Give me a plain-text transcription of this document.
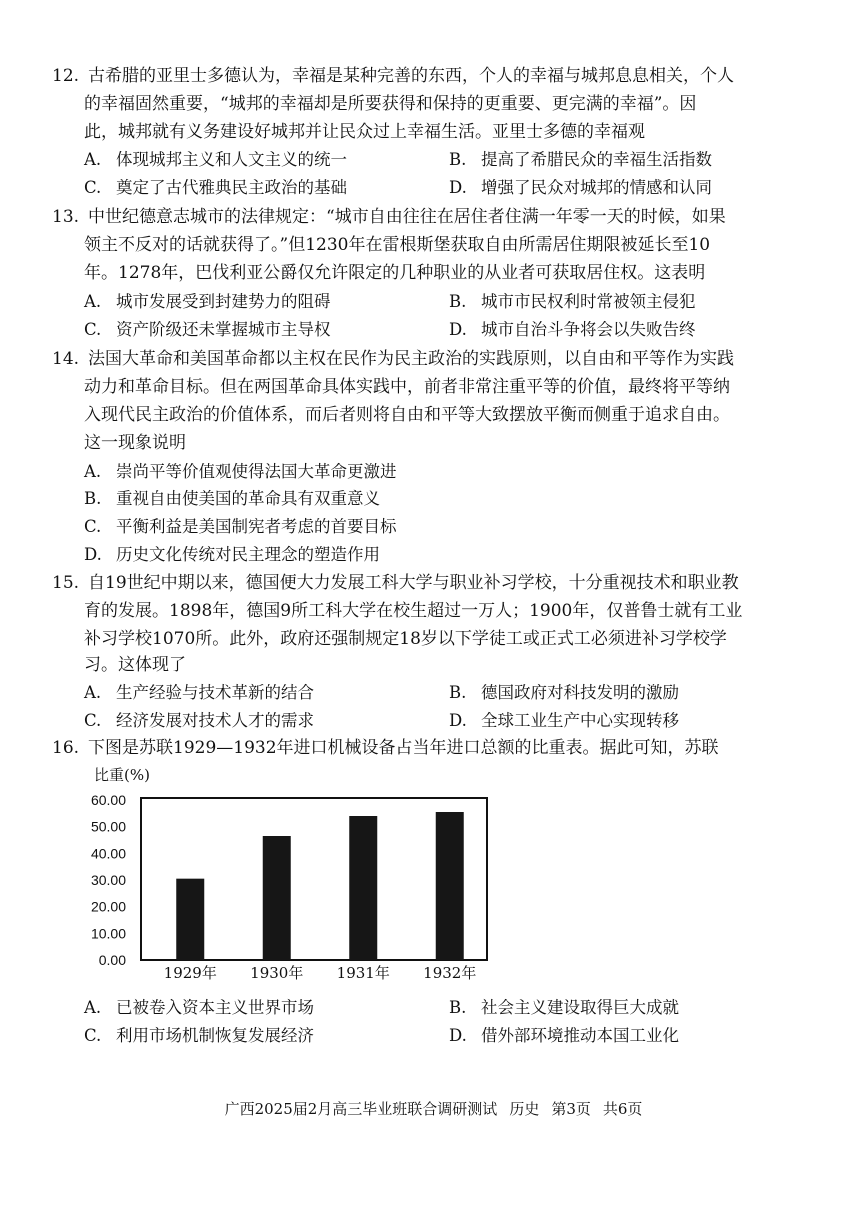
12. 古希腊的亚里士多德认为，幸福是某种完善的东西，个人的幸福与城邦息息相关，个人
的幸福固然重要，“城邦的幸福却是所要获得和保持的更重要、更完满的幸福”。因
此，城邦就有义务建设好城邦并让民众过上幸福生活。亚里士多德的幸福观
A. 体现城邦主义和人文主义的统一	B. 提高了希腊民众的幸福生活指数
C. 奠定了古代雅典民主政治的基础	D. 增强了民众对城邦的情感和认同
13. 中世纪德意志城市的法律规定：“城市自由往往在居住者住满一年零一天的时候，如果
领主不反对的话就获得了。”但1230年在雷根斯堡获取自由所需居住期限被延长至10
年。1278年，巴伐利亚公爵仅允许限定的几种职业的从业者可获取居住权。这表明
A. 城市发展受到封建势力的阻碍	B. 城市市民权利时常被领主侵犯
C. 资产阶级还未掌握城市主导权	D. 城市自治斗争将会以失败告终
14. 法国大革命和美国革命都以主权在民作为民主政治的实践原则，以自由和平等作为实践
动力和革命目标。但在两国革命具体实践中，前者非常注重平等的价值，最终将平等纳
入现代民主政治的价值体系，而后者则将自由和平等大致摆放平衡而侧重于追求自由。
这一现象说明
A. 崇尚平等价值观使得法国大革命更激进
B. 重视自由使美国的革命具有双重意义
C. 平衡利益是美国制宪者考虑的首要目标
D. 历史文化传统对民主理念的塑造作用
15. 自19世纪中期以来，德国便大力发展工科大学与职业补习学校，十分重视技术和职业教
育的发展。1898年，德国9所工科大学在校生超过一万人；1900年，仅普鲁士就有工业
补习学校1070所。此外，政府还强制规定18岁以下学徒工或正式工必须进补习学校学
习。这体现了
A. 生产经验与技术革新的结合	B. 德国政府对科技发明的激励
C. 经济发展对技术人才的需求	D. 全球工业生产中心实现转移
16. 下图是苏联1929—1932年进口机械设备占当年进口总额的比重表。据此可知，苏联
比重(%)
0.00
10.00
20.00
30.00
40.00
50.00
60.00
1929年 1930年 1931年 1932年
A. 已被卷入资本主义世界市场	B. 社会主义建设取得巨大成就
C. 利用市场机制恢复发展经济	D. 借外部环境推动本国工业化
广西2025届2月高三毕业班联合调研测试 历史 第3页 共6页
